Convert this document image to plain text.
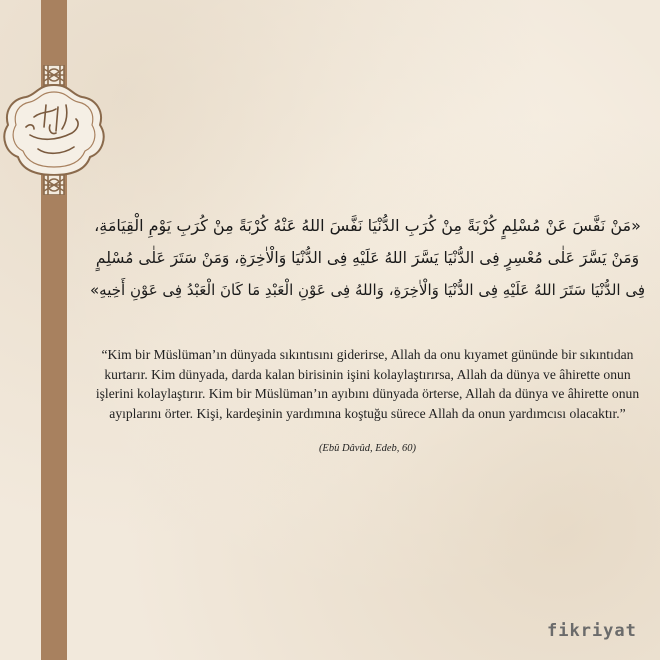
«مَنْ نَفَّسَ عَنْ مُسْلِمٍ كُرْبَةً مِنْ كُرَبِ الدُّنْيَا نَفَّسَ اللهُ عَنْهُ كُرْبَةً مِنْ كُرَبِ يَوْمِ الْقِيَامَةِ،
وَمَنْ يَسَّرَ عَلٰى مُعْسِرٍ فِى الدُّنْيَا يَسَّرَ اللهُ عَلَيْهِ فِى الدُّنْيَا وَالْاٰخِرَةِ، وَمَنْ سَتَرَ عَلٰى مُسْلِمٍ
فِى الدُّنْيَا سَتَرَ اللهُ عَلَيْهِ فِى الدُّنْيَا وَالْاٰخِرَةِ، وَاللهُ فِى عَوْنِ الْعَبْدِ مَا كَانَ الْعَبْدُ فِى عَوْنِ أَخِيهِ»
“Kim bir Müslüman’ın dünyada sıkıntısını giderirse, Allah da onu kıyamet gününde bir sıkıntıdan kurtarır. Kim dünyada, darda kalan birisinin işini kolaylaştırırsa, Allah da dünya ve âhirette onun işlerini kolaylaştırır. Kim bir Müslüman’ın ayıbını dünyada örterse, Allah da dünya ve âhirette onun ayıplarını örter. Kişi, kardeşinin yardımına koştuğu sürece Allah da onun yardımcısı olacaktır.”
(Ebû Dâvûd, Edeb, 60)
fikriyat
